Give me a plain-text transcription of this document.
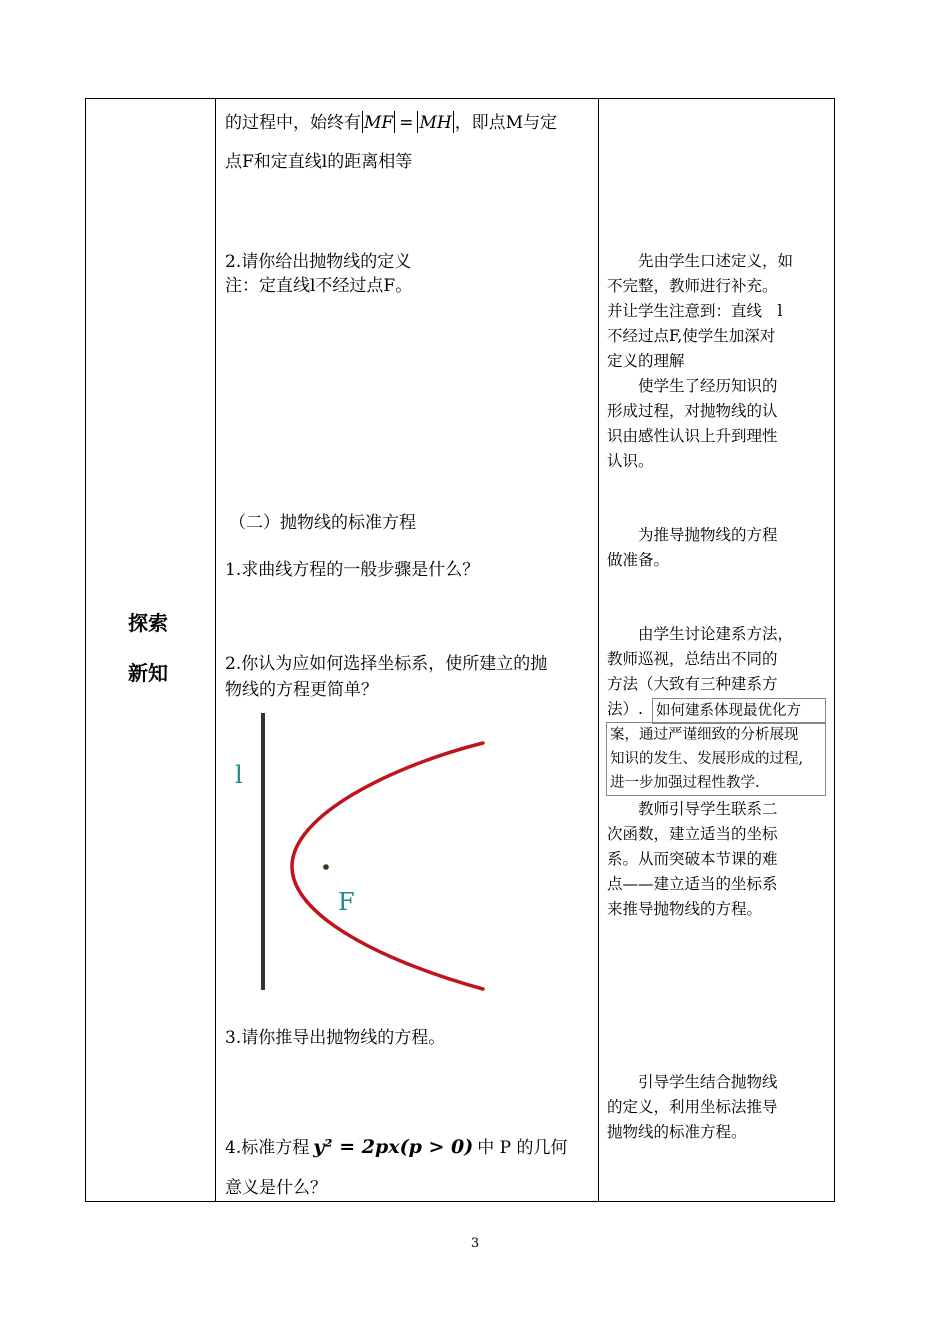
探索
新知
的过程中，始终有 MF = MH ，即点M与定
点F和定直线l的距离相等
2.请你给出抛物线的定义
注：定直线l不经过点F。
（二）抛物线的标准方程
1.求曲线方程的一般步骤是什么？
2.你认为应如何选择坐标系，使所建立的抛
物线的方程更简单？
l
F
3.请你推导出抛物线的方程。
4.标准方程 y² = 2px(p > 0) 中 P 的几何
意义是什么？
　　先由学生口述定义，如
不完整，教师进行补充。
并让学生注意到：直线　l
不经过点F,使学生加深对
定义的理解
　　使学生了经历知识的
形成过程，对抛物线的认
识由感性认识上升到理性
认识。
　　为推导抛物线的方程
做准备。
　　由学生讨论建系方法，
教师巡视，总结出不同的
方法（大致有三种建系方
法）. 如何建系体现最优化方
案，通过严谨细致的分析展现
知识的发生、发展形成的过程,
进一步加强过程性教学.
　　教师引导学生联系二
次函数，建立适当的坐标
系。从而突破本节课的难
点——建立适当的坐标系
来推导抛物线的方程。
　　引导学生结合抛物线
的定义，利用坐标法推导
抛物线的标准方程。
3
